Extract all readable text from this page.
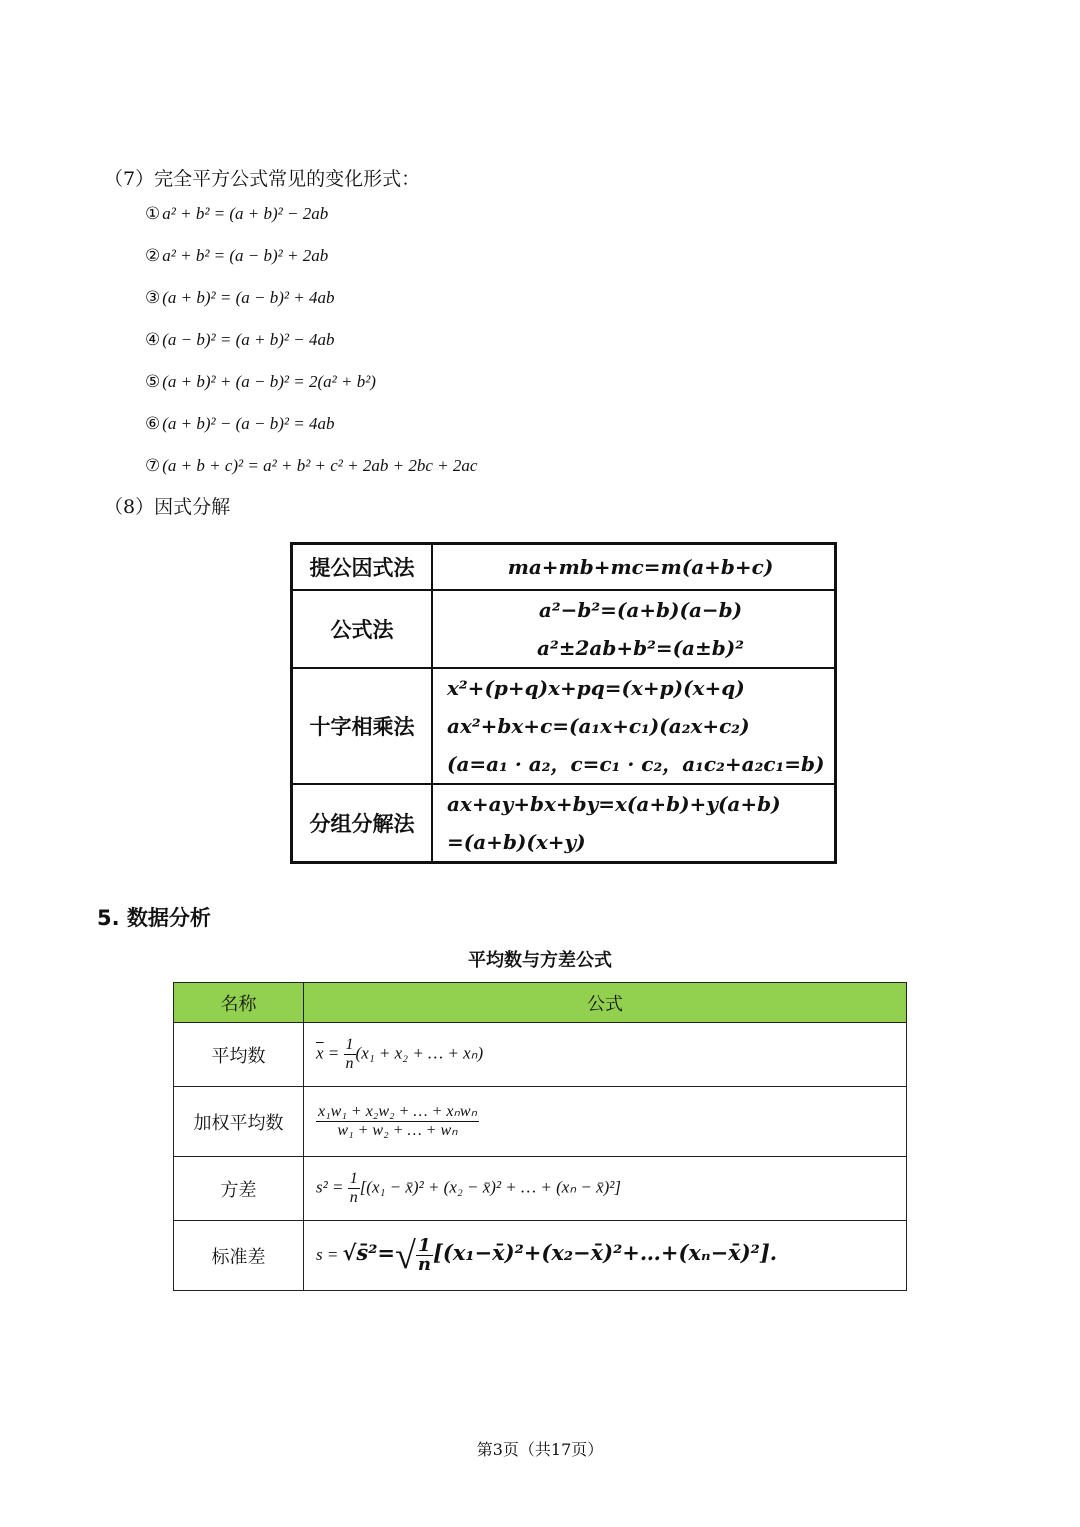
（7）完全平方公式常见的变化形式：
① a² + b² = (a + b)² − 2ab
② a² + b² = (a − b)² + 2ab
③ (a + b)² = (a − b)² + 4ab
④ (a − b)² = (a + b)² − 4ab
⑤ (a + b)² + (a − b)² = 2(a² + b²)
⑥ (a + b)² − (a − b)² = 4ab
⑦ (a + b + c)² = a² + b² + c² + 2ab + 2bc + 2ac
（8）因式分解
提公因式法	ma+mb+mc=m(a+b+c)

公式法	a²−b²=(a+b)(a−b)
a²±2ab+b²=(a±b)²

十字相乘法	x²+(p+q)x+pq=(x+p)(x+q)
ax²+bx+c=(a₁x+c₁)(a₂x+c₂)
(a=a₁ · a₂，c=c₁ · c₂，a₁c₂+a₂c₁=b)

分组分解法	ax+ay+bx+by=x(a+b)+y(a+b)
=(a+b)(x+y)
5. 数据分析
平均数与方差公式
名称	公式
平均数	$\overline{x} = \frac{1}{n} (x_1 + x_2$ + … + xₙ)
加权平均数	$\frac{\text{x₁w₁ + x₂w₂ + … + xₙwₙ}}{\text{w₁ + w₂ + … + wₙ}}$

方差	$s^2 = \frac{1}{n} [(x_1$ − x̄)² + (x₂ − x̄)² + … + (xₙ − x̄)²]
标准差	s = √s̄²=√ $\frac{1}{n}$ [(x₁−x̄)²+(x₂−x̄)²+…+(xₙ−x̄)²].
第3页（共17页）
